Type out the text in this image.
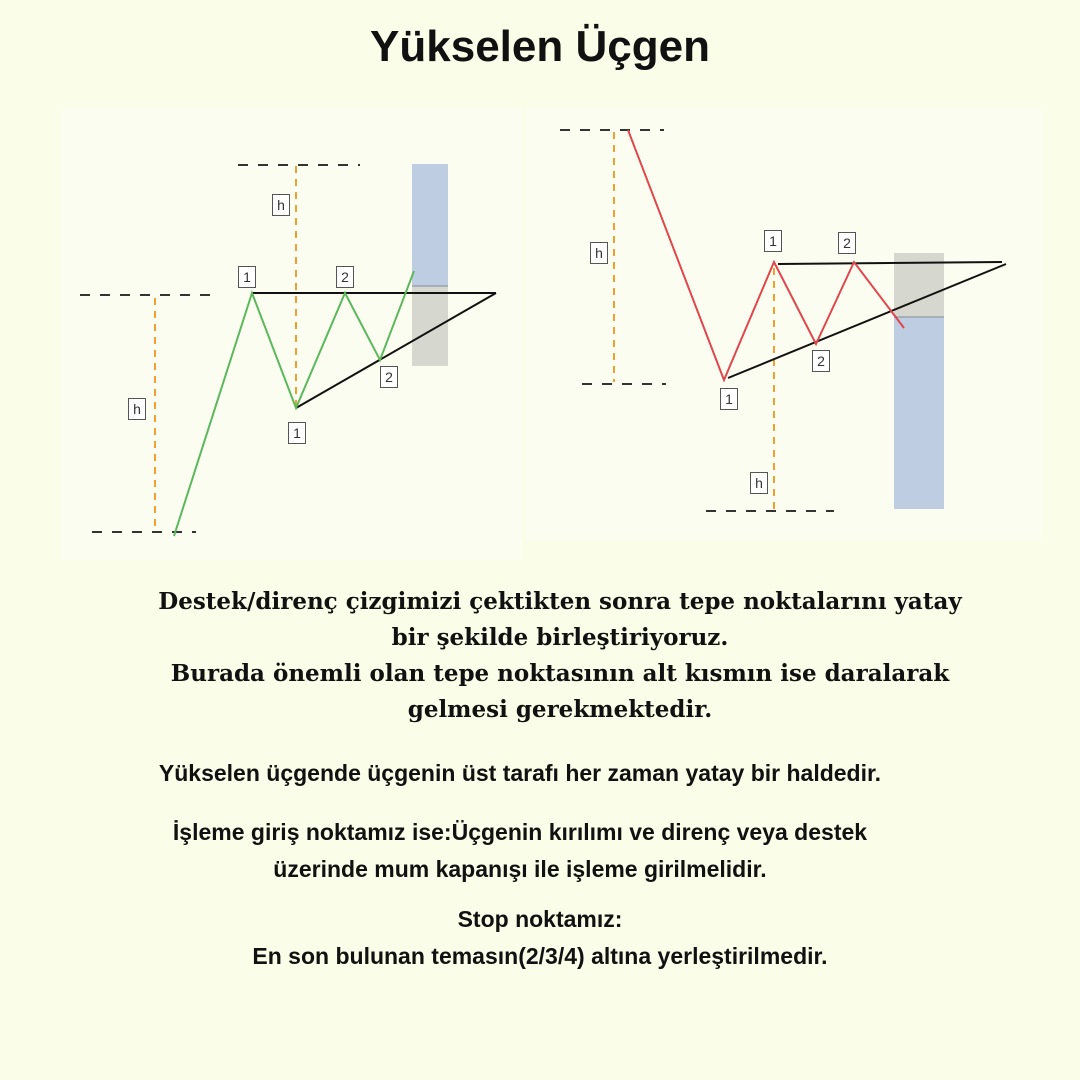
Yükselen Üçgen
h
h
1	2
1
2
h
h
1	2
2
1
Destek/direnç çizgimizi çektikten sonra tepe noktalarını yatay
bir şekilde birleştiriyoruz.
Burada önemli olan tepe noktasının alt kısmın ise daralarak
gelmesi gerekmektedir.
Yükselen üçgende üçgenin üst tarafı her zaman yatay bir haldedir.
İşleme giriş noktamız ise:Üçgenin kırılımı ve direnç veya destek
üzerinde mum kapanışı ile işleme girilmelidir.
Stop noktamız:
En son bulunan temasın(2/3/4) altına yerleştirilmedir.
